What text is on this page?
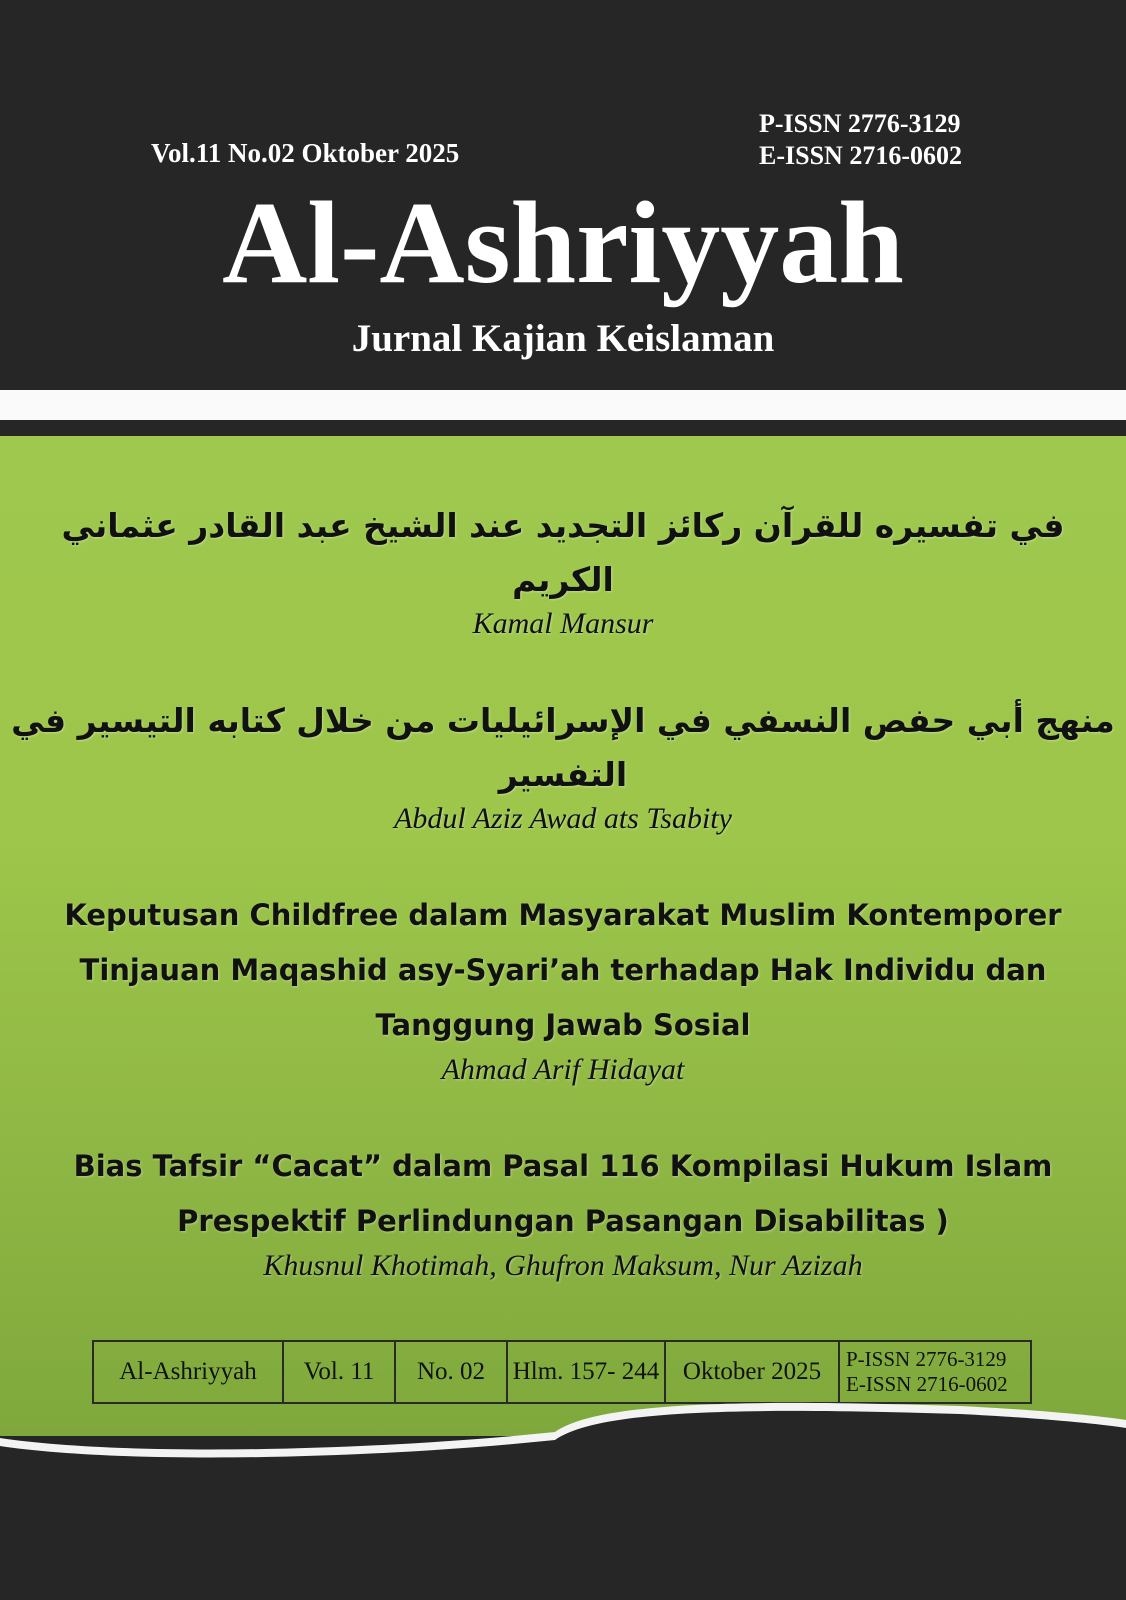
Vol.11 No.02 Oktober 2025
P-ISSN 2776-3129
E-ISSN 2716-0602
Al-Ashriyyah
Jurnal Kajian Keislaman
في تفسيره للقرآن ركائز التجديد عند الشيخ عبد القادر عثماني
الكريم
Kamal Mansur
منهج أبي حفص النسفي في الإسرائيليات من خلال كتابه التيسير في
التفسير
Abdul Aziz Awad ats Tsabity
Keputusan Childfree dalam Masyarakat Muslim Kontemporer
Tinjauan Maqashid asy-Syari’ah terhadap Hak Individu dan
Tanggung Jawab Sosial
Ahmad Arif Hidayat
Bias Tafsir “Cacat” dalam Pasal 116 Kompilasi Hukum Islam
Prespektif Perlindungan Pasangan Disabilitas )
Khusnul Khotimah, Ghufron Maksum, Nur Azizah
Al-Ashriyyah	Vol. 11	No. 02	Hlm. 157- 244	Oktober 2025	P-ISSN 2776-3129
E-ISSN 2716-0602
